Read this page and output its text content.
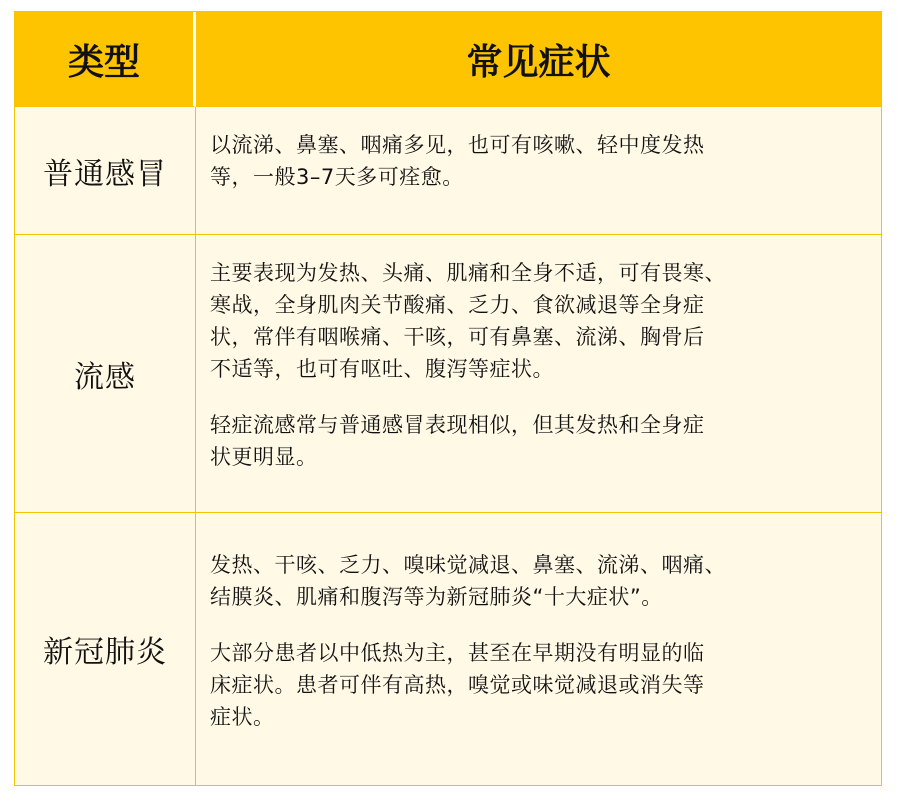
类型	常见症状
普通感冒

以流涕、鼻塞、咽痛多见，也可有咳嗽、轻中度发热
等，一般3–7天多可痊愈。

流感

主要表现为发热、头痛、肌痛和全身不适，可有畏寒、
寒战，全身肌肉关节酸痛、乏力、食欲减退等全身症
状，常伴有咽喉痛、干咳，可有鼻塞、流涕、胸骨后
不适等，也可有呕吐、腹泻等症状。

轻症流感常与普通感冒表现相似，但其发热和全身症
状更明显。

新冠肺炎

发热、干咳、乏力、嗅味觉减退、鼻塞、流涕、咽痛、
结膜炎、肌痛和腹泻等为新冠肺炎“十大症状”。

大部分患者以中低热为主，甚至在早期没有明显的临
床症状。患者可伴有高热，嗅觉或味觉减退或消失等
症状。
